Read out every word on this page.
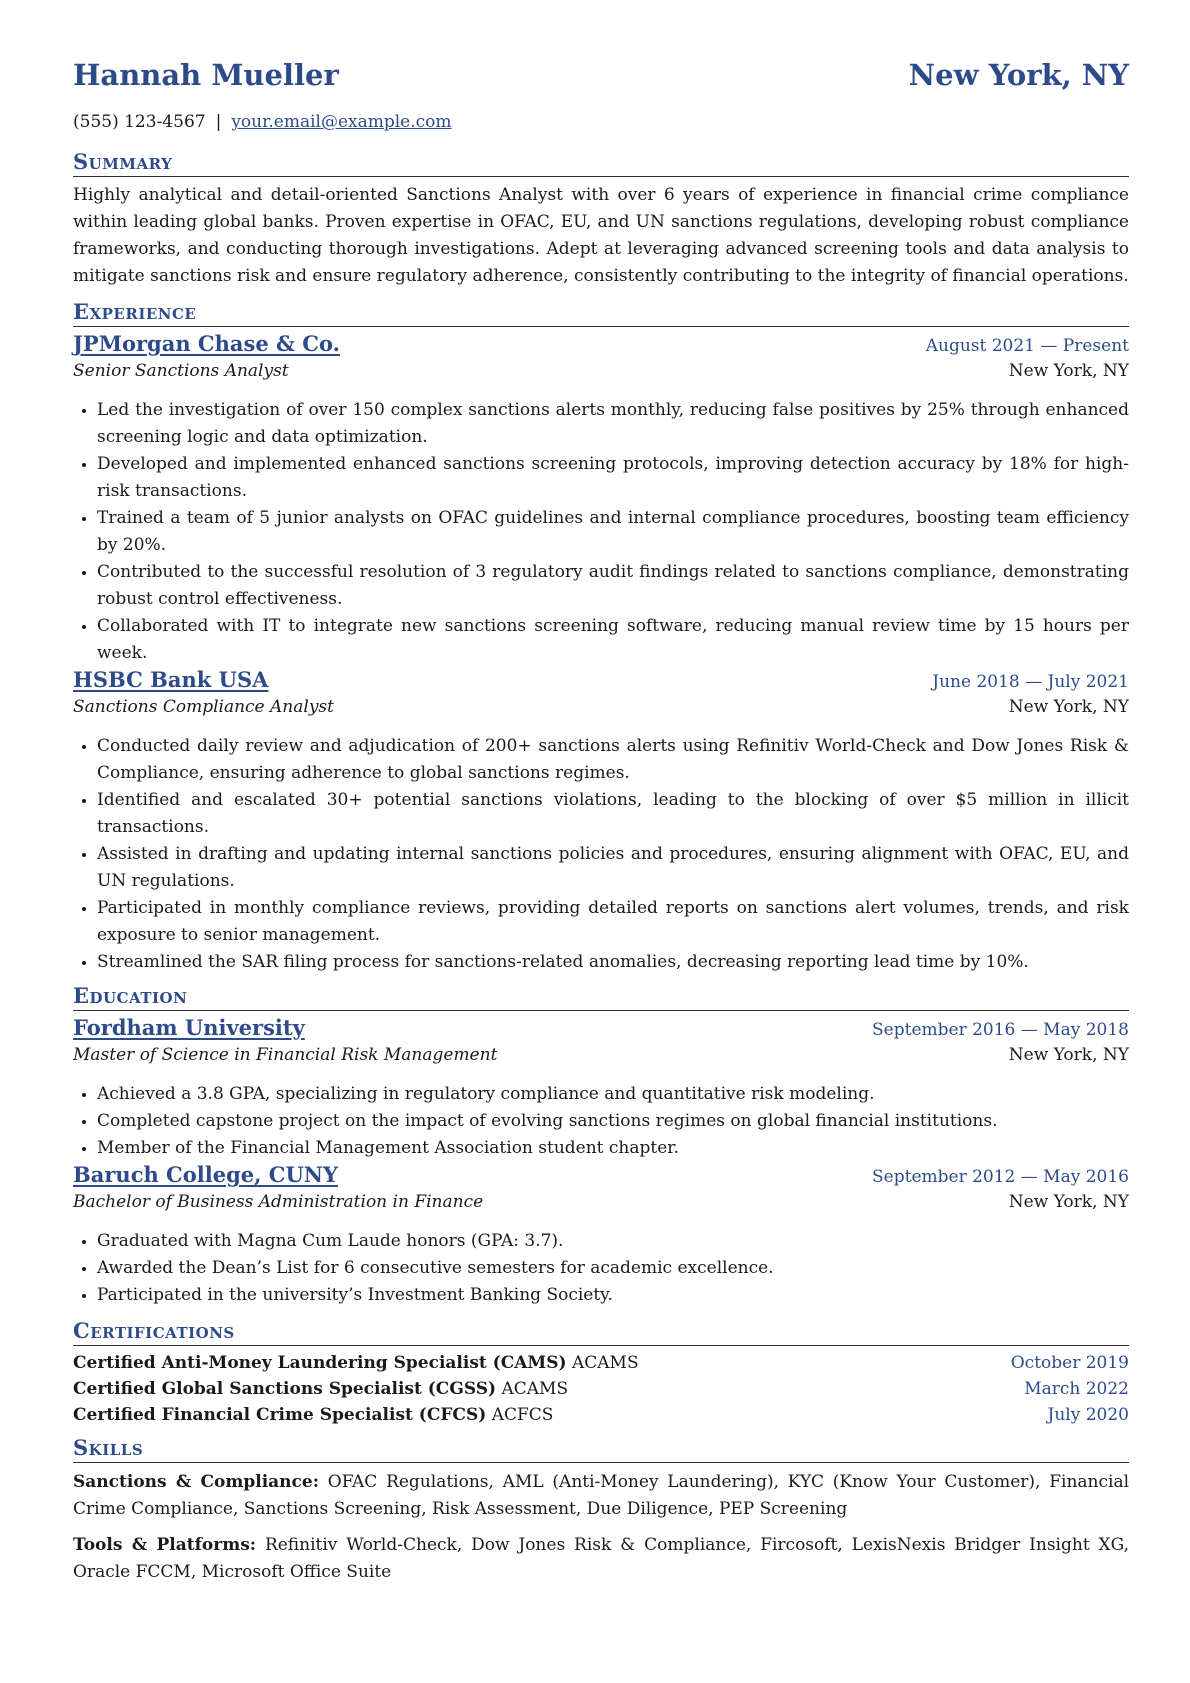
Hannah Mueller	New York, NY
(555) 123-4567 | your.email@example.com
Summary
Highly analytical and detail-oriented Sanctions Analyst with over 6 years of experience in financial crime compliance within leading global banks. Proven expertise in OFAC, EU, and UN sanctions regulations, developing robust compliance frameworks, and conducting thorough investigations. Adept at leveraging advanced screening tools and data analysis to mitigate sanctions risk and ensure regulatory adherence, consistently contributing to the integrity of financial operations.
Experience
JPMorgan Chase & Co.	August 2021 — Present
Senior Sanctions Analyst	New York, NY
• Led the investigation of over 150 complex sanctions alerts monthly, reducing false positives by 25% through enhanced screening logic and data optimization.
• Developed and implemented enhanced sanctions screening protocols, improving detection accuracy by 18% for high-risk transactions.
• Trained a team of 5 junior analysts on OFAC guidelines and internal compliance procedures, boosting team efficiency by 20%.
• Contributed to the successful resolution of 3 regulatory audit findings related to sanctions compliance, demonstrating robust control effectiveness.
• Collaborated with IT to integrate new sanctions screening software, reducing manual review time by 15 hours per week.
HSBC Bank USA	June 2018 — July 2021
Sanctions Compliance Analyst	New York, NY
• Conducted daily review and adjudication of 200+ sanctions alerts using Refinitiv World-Check and Dow Jones Risk & Compliance, ensuring adherence to global sanctions regimes.
• Identified and escalated 30+ potential sanctions violations, leading to the blocking of over $5 million in illicit transactions.
• Assisted in drafting and updating internal sanctions policies and procedures, ensuring alignment with OFAC, EU, and UN regulations.
• Participated in monthly compliance reviews, providing detailed reports on sanctions alert volumes, trends, and risk exposure to senior management.
• Streamlined the SAR filing process for sanctions-related anomalies, decreasing reporting lead time by 10%.
Education
Fordham University	September 2016 — May 2018
Master of Science in Financial Risk Management	New York, NY
• Achieved a 3.8 GPA, specializing in regulatory compliance and quantitative risk modeling.
• Completed capstone project on the impact of evolving sanctions regimes on global financial institutions.
• Member of the Financial Management Association student chapter.
Baruch College, CUNY	September 2012 — May 2016
Bachelor of Business Administration in Finance	New York, NY
• Graduated with Magna Cum Laude honors (GPA: 3.7).
• Awarded the Dean’s List for 6 consecutive semesters for academic excellence.
• Participated in the university’s Investment Banking Society.
Certifications
Certified Anti-Money Laundering Specialist (CAMS) ACAMS	October 2019
Certified Global Sanctions Specialist (CGSS) ACAMS	March 2022
Certified Financial Crime Specialist (CFCS) ACFCS	July 2020
Skills
Sanctions & Compliance: OFAC Regulations, AML (Anti-Money Laundering), KYC (Know Your Customer), Financial Crime Compliance, Sanctions Screening, Risk Assessment, Due Diligence, PEP Screening
Tools & Platforms: Refinitiv World-Check, Dow Jones Risk & Compliance, Fircosoft, LexisNexis Bridger Insight XG, Oracle FCCM, Microsoft Office Suite
